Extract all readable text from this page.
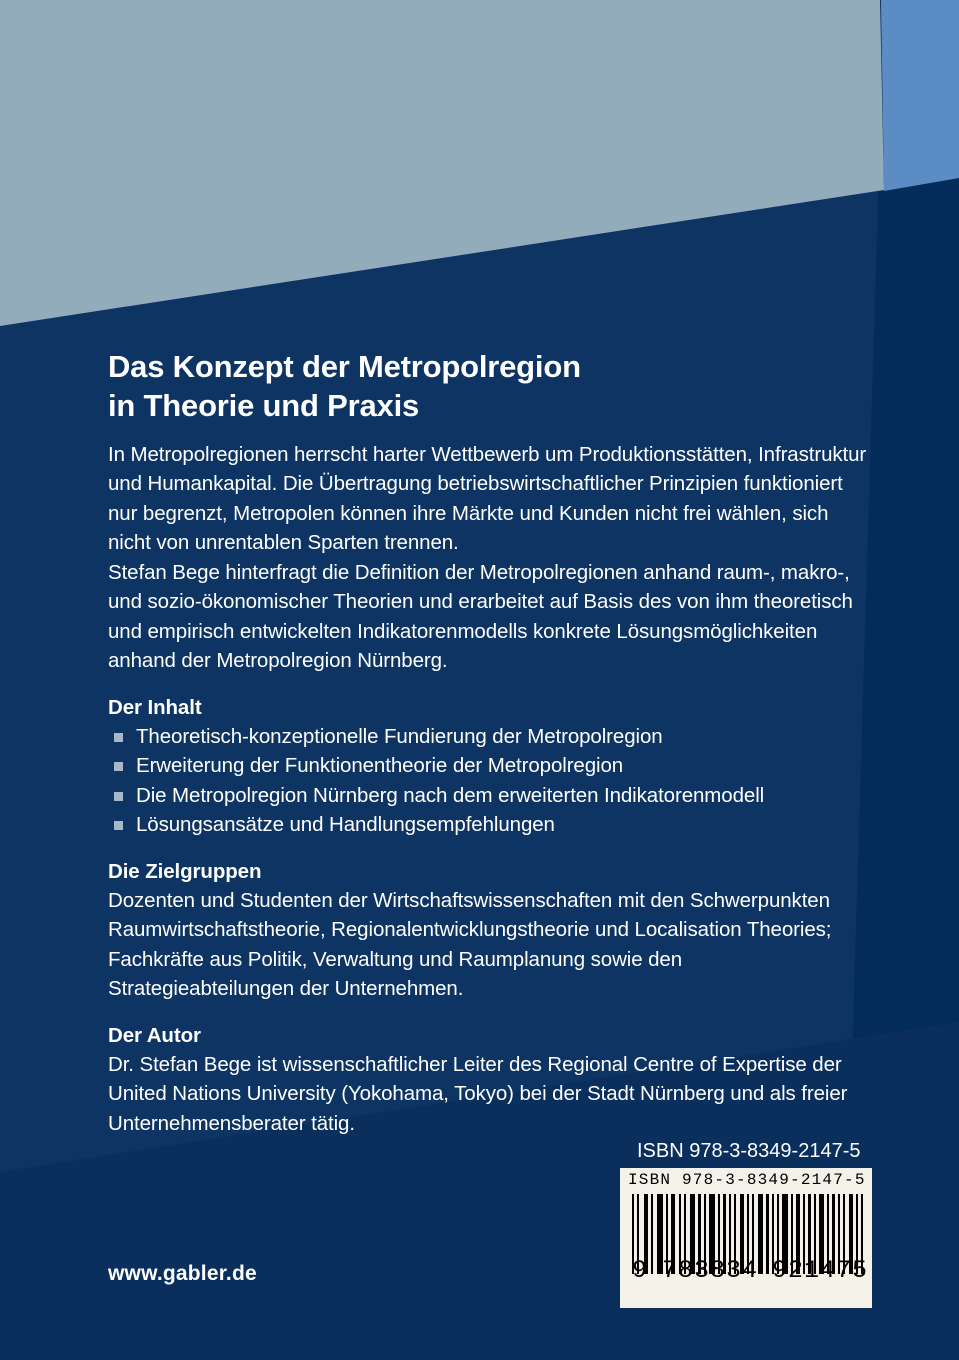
Das Konzept der Metropolregion
in Theorie und Praxis

In Metropolregionen herrscht harter Wettbewerb um Produktionsstätten, Infrastruktur und Humankapital. Die Übertragung betriebswirtschaftlicher Prinzipien funktioniert nur begrenzt, Metropolen können ihre Märkte und Kunden nicht frei wählen, sich nicht von unrentablen Sparten trennen.

Stefan Bege hinterfragt die Definition der Metropolregionen anhand raum-, makro-, und sozio-ökonomischer Theorien und erarbeitet auf Basis des von ihm theoretisch und empirisch entwickelten Indikatorenmodells konkrete Lösungsmöglichkeiten anhand der Metropolregion Nürnberg.

Der Inhalt
Theoretisch-konzeptionelle Fundierung der Metropolregion
Erweiterung der Funktionentheorie der Metropolregion
Die Metropolregion Nürnberg nach dem erweiterten Indikatorenmodell
Lösungsansätze und Handlungsempfehlungen
Die Zielgruppen

Dozenten und Studenten der Wirtschaftswissenschaften mit den Schwerpunkten Raumwirtschaftstheorie, Regionalentwicklungstheorie und Localisation Theories; Fachkräfte aus Politik, Verwaltung und Raumplanung sowie den Strategieabteilungen der Unternehmen.

Der Autor

Dr. Stefan Bege ist wissenschaftlicher Leiter des Regional Centre of Expertise der United Nations University (Yokohama, Tokyo) bei der Stadt Nürnberg und als freier Unternehmensberater tätig.

ISBN 978-3-8349-2147-5
ISBN 978-3-8349-2147-5
9 783834 921475
www.gabler.de
